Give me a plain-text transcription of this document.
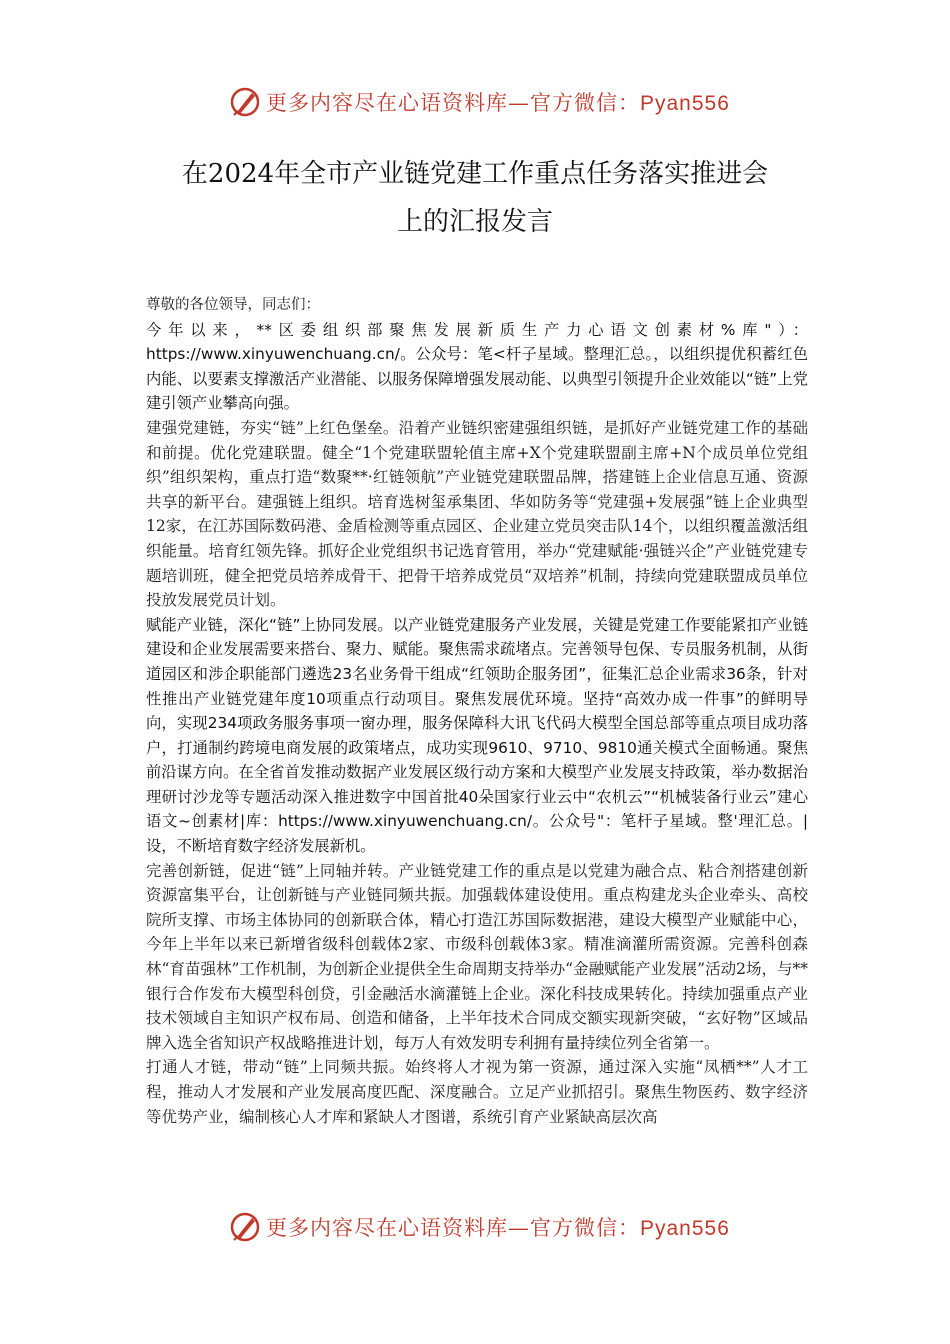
更多内容尽在心语资料库—官方微信：Pyan556
在2024年全市产业链党建工作重点任务落实推进会
上的汇报发言

尊敬的各位领导，同志们：

今年以来，**区委组织部聚焦发展新质生产力心语文创素材%库"）：https://www.xinyuwenchuang.cn/。公众号：笔<杆子星域。整理汇总。，以组织提优积蓄红色内能、以要素支撑激活产业潜能、以服务保障增强发展动能、以典型引领提升企业效能以“链”上党建引领产业攀高向强。

建强党建链，夯实“链”上红色堡垒。沿着产业链织密建强组织链，是抓好产业链党建工作的基础和前提。优化党建联盟。健全“1个党建联盟轮值主席+X个党建联盟副主席+N个成员单位党组织”组织架构，重点打造“数聚**·红链领航”产业链党建联盟品牌，搭建链上企业信息互通、资源共享的新平台。建强链上组织。培育选树玺承集团、华如防务等“党建强+发展强”链上企业典型12家，在江苏国际数码港、金盾检测等重点园区、企业建立党员突击队14个，以组织覆盖激活组织能量。培育红领先锋。抓好企业党组织书记选育管用，举办“党建赋能·强链兴企”产业链党建专题培训班，健全把党员培养成骨干、把骨干培养成党员“双培养”机制，持续向党建联盟成员单位投放发展党员计划。

赋能产业链，深化“链”上协同发展。以产业链党建服务产业发展，关键是党建工作要能紧扣产业链建设和企业发展需要来搭台、聚力、赋能。聚焦需求疏堵点。完善领导包保、专员服务机制，从街道园区和涉企职能部门遴选23名业务骨干组成“红领助企服务团”，征集汇总企业需求36条，针对性推出产业链党建年度10项重点行动项目。聚焦发展优环境。坚持“高效办成一件事”的鲜明导向，实现234项政务服务事项一窗办理，服务保障科大讯飞代码大模型全国总部等重点项目成功落户，打通制约跨境电商发展的政策堵点，成功实现9610、9710、9810通关模式全面畅通。聚焦前沿谋方向。在全省首发推动数据产业发展区级行动方案和大模型产业发展支持政策，举办数据治理研讨沙龙等专题活动深入推进数字中国首批40朵国家行业云中“农机云”“机械装备行业云”建心语文~创素材|库：https://www.xinyuwenchuang.cn/。公众号"：笔杆子星域。整'理汇总。|设，不断培育数字经济发展新机。

完善创新链，促进“链”上同轴并转。产业链党建工作的重点是以党建为融合点、粘合剂搭建创新资源富集平台，让创新链与产业链同频共振。加强载体建设使用。重点构建龙头企业牵头、高校院所支撑、市场主体协同的创新联合体，精心打造江苏国际数据港，建设大模型产业赋能中心，今年上半年以来已新增省级科创载体2家、市级科创载体3家。精准滴灌所需资源。完善科创森林“育苗强林”工作机制，为创新企业提供全生命周期支持举办“金融赋能产业发展”活动2场，与**银行合作发布大模型科创贷，引金融活水滴灌链上企业。深化科技成果转化。持续加强重点产业技术领域自主知识产权布局、创造和储备，上半年技术合同成交额实现新突破，“玄好物”区域品牌入选全省知识产权战略推进计划，每万人有效发明专利拥有量持续位列全省第一。

打通人才链，带动“链”上同频共振。始终将人才视为第一资源，通过深入实施“凤栖**”人才工程，推动人才发展和产业发展高度匹配、深度融合。立足产业抓招引。聚焦生物医药、数字经济等优势产业，编制核心人才库和紧缺人才图谱，系统引育产业紧缺高层次高

更多内容尽在心语资料库—官方微信：Pyan556
